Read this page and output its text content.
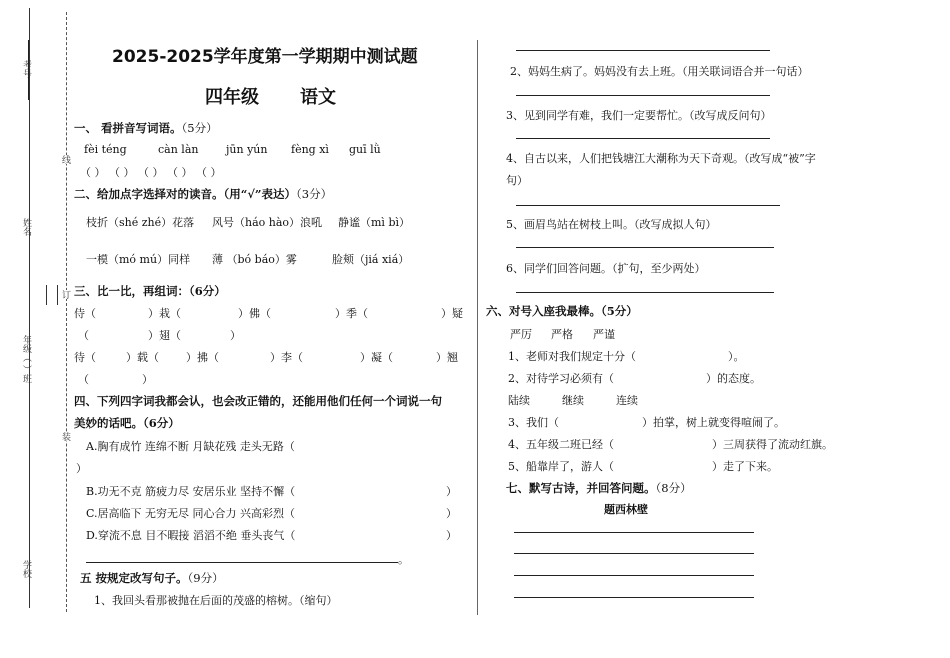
考号
姓名
年级（ ）班
学校
线
订
装
2025-2025学年度第一学期期中测试题
四年级 语文
一、 看拼音写词语。（5分）
fèi téng	càn làn	jūn yún fèng xì guī lǜ
（ ） （ ） （ ） （ ） （ ）
二、给加点字选择对的读音。（用“√”表达）（3分）
枝折（shé zhé）花落 风号（háo hào）浪吼 静谧（mì bì）
一模（mó mú）同样 薄 （bó báo）雾	脸颊（jiá xiá）
三、比一比，再组词：（6分）
侍（	）栽（	）佛（	）季（	）疑
（	）翅（	）
待（	）载（ ）拂（	）李（	）凝（	）翘
（	）
四、下列四字词我都会认，也会改正错的，还能用他们任何一个词说一句
美妙的话吧。（6分）
A.胸有成竹 连绵不断 月缺花残 走头无路（
）
B.功无不克 筋疲力尽 安居乐业 坚持不懈（	）
C.居高临下 无穷无尽 同心合力 兴高彩烈（	）
D.穿流不息 目不暇接 滔滔不绝 垂头丧气（	）
。
五 按规定改写句子。（9分）
1、我回头看那被抛在后面的茂盛的榕树。（缩句）
2、妈妈生病了。妈妈没有去上班。（用关联词语合并一句话）
3、见到同学有难，我们一定要帮忙。（改写成反问句）
4、自古以来，人们把钱塘江大潮称为天下奇观。（改写成“被”字
句）
5、画眉鸟站在树枝上叫。（改写成拟人句）
6、同学们回答问题。（扩句，至少两处）
六、对号入座我最棒。（5分）
严厉 严格 严谨
1、老师对我们规定十分（	）。
2、对待学习必须有（	）的态度。
陆续	继续	连续
3、我们（	）拍掌，树上就变得喧闹了。
4、五年级二班已经（	）三周获得了流动红旗。
5、船靠岸了，游人（	）走了下来。
七、默写古诗，并回答问题。（8分）
题西林壁
